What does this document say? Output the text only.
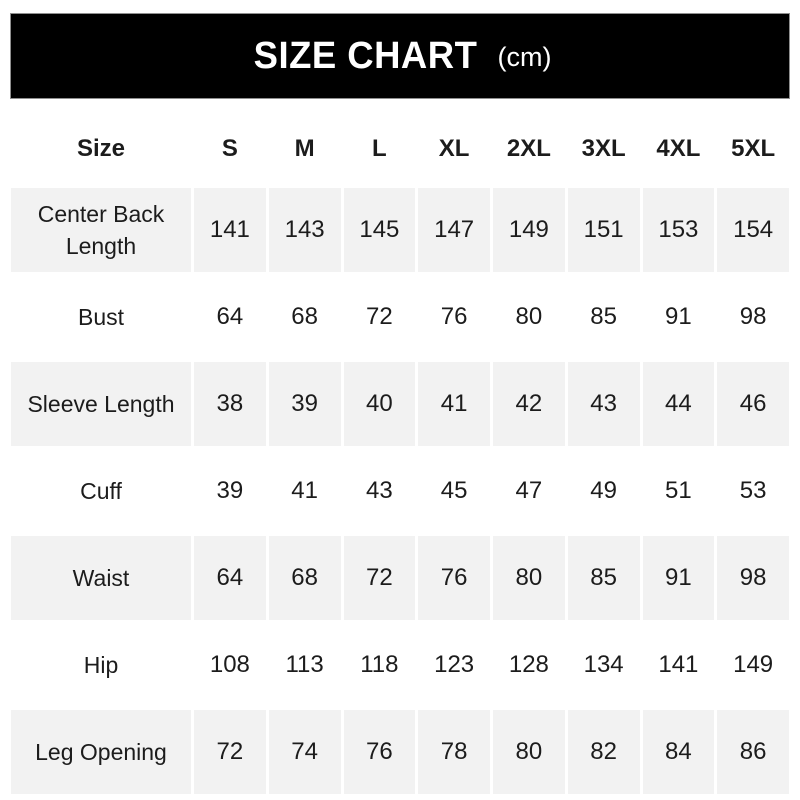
SIZE CHART (cm)
Size	S	M	L	XL	2XL	3XL	4XL	5XL
Center Back Length	141	143	145	147	149	151	153	154
Bust	64	68	72	76	80	85	91	98
Sleeve Length	38	39	40	41	42	43	44	46
Cuff	39	41	43	45	47	49	51	53
Waist	64	68	72	76	80	85	91	98
Hip	108	113	118	123	128	134	141	149
Leg Opening	72	74	76	78	80	82	84	86
